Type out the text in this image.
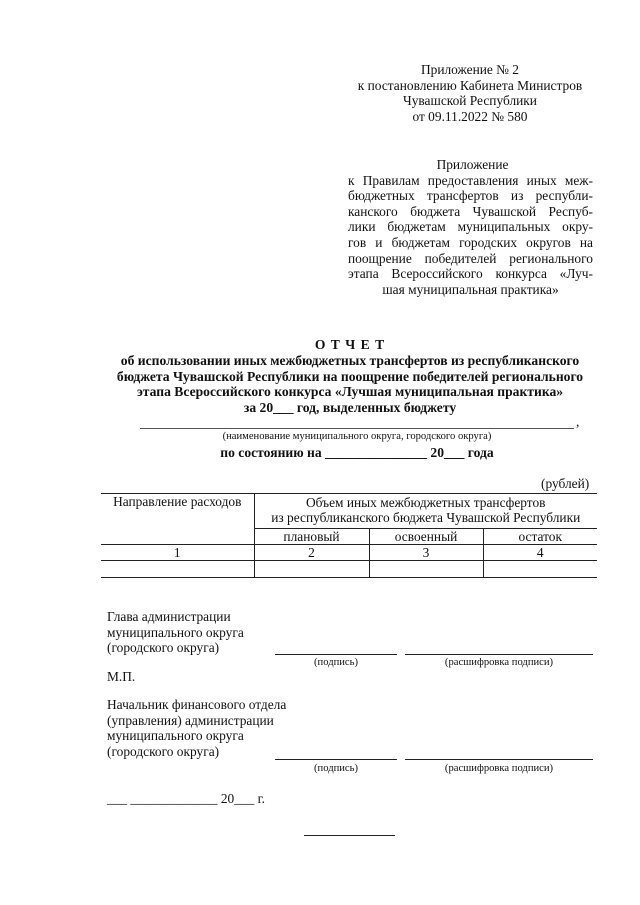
Приложение № 2
к постановлению Кабинета Министров
Чувашской Республики
от 09.11.2022 № 580
Приложение
к Правилам предоставления иных меж-
бюджетных трансфертов из республи-
канского бюджета Чувашской Респуб-
лики бюджетам муниципальных окру-
гов и бюджетам городских округов на
поощрение победителей регионального
этапа Всероссийского конкурса «Луч-
шая муниципальная практика»
О Т Ч Е Т
об использовании иных межбюджетных трансфертов из республиканского
бюджета Чувашской Республики на поощрение победителей регионального
этапа Всероссийского конкурса «Лучшая муниципальная практика»
за 20___ год, выделенных бюджету
,
(наименование муниципального округа, городского округа)
по состоянию на _______________ 20___ года
(рублей)
Направление расходов	Объем иных межбюджетных трансфертов
из республиканского бюджета Чувашской Республики		

	плановый	освоенный	остаток
1	2	3	4

Глава администрации
муниципального округа
(городского округа)
(подпись)	(расшифровка подписи)
М.П.
Начальник финансового отдела
(управления) администрации
муниципального округа
(городского округа)
(подпись)	(расшифровка подписи)
___ _____________ 20___ г.
